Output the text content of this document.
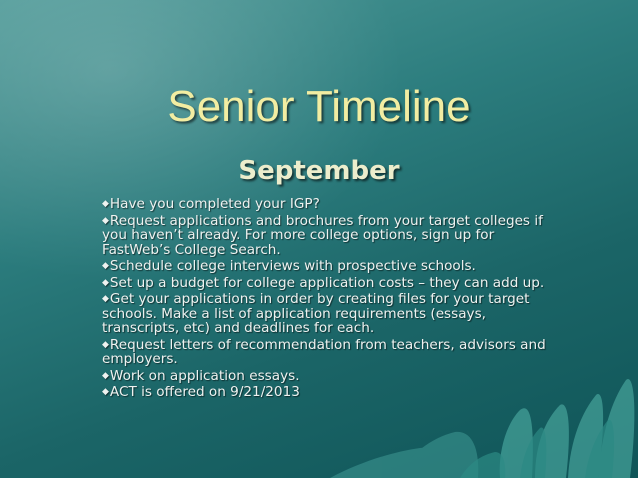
Senior Timeline
September
◆Have you completed your IGP?
◆Request applications and brochures from your target colleges if you haven’t already. For more college options, sign up for FastWeb’s College Search.
◆Schedule college interviews with prospective schools.
◆Set up a budget for college application costs – they can add up.
◆Get your applications in order by creating files for your target schools. Make a list of application requirements (essays, transcripts, etc) and deadlines for each.
◆Request letters of recommendation from teachers, advisors and employers.
◆Work on application essays.
◆ACT is offered on 9/21/2013
